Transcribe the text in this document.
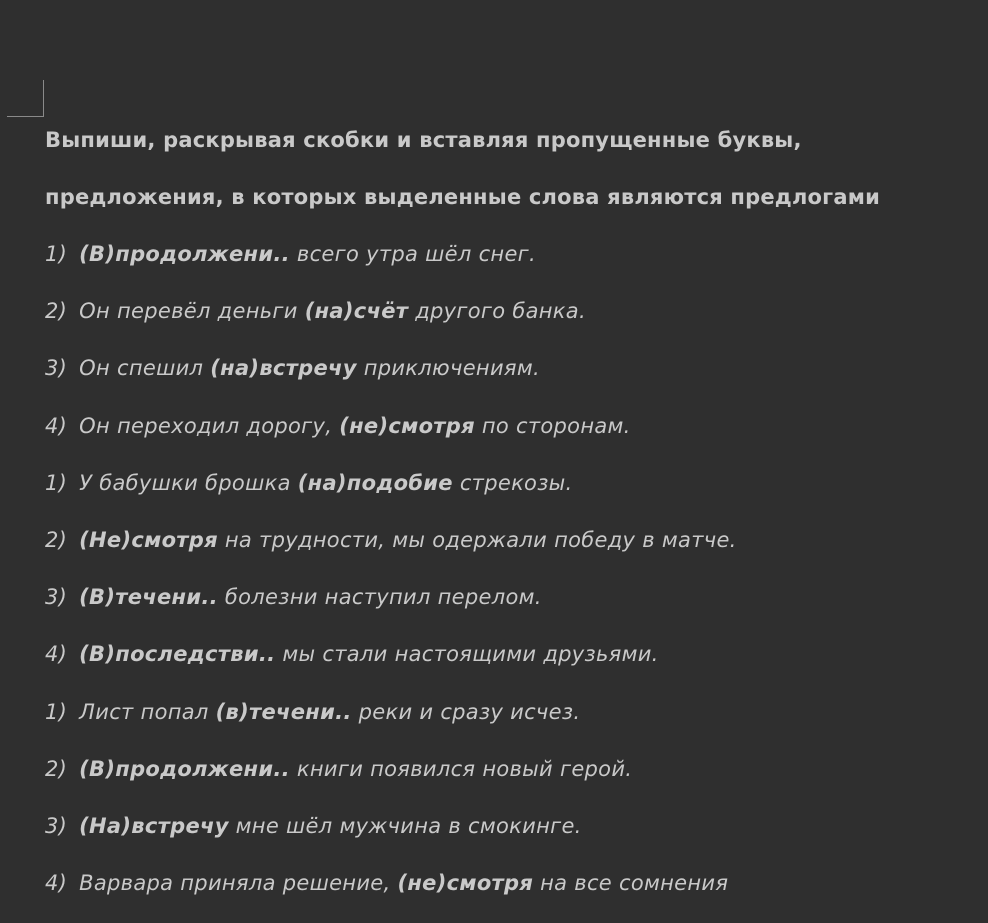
Выпиши, раскрывая скобки и вставляя пропущенные буквы,

предложения, в которых выделенные слова являются предлогами

1) (В)продолжени.. всего утра шёл снег.
2) Он перевёл деньги (на)счёт другого банка.
3) Он спешил (на)встречу приключениям.
4) Он переходил дорогу, (не)смотря по сторонам.
1) У бабушки брошка (на)подобие стрекозы.
2) (Не)смотря на трудности, мы одержали победу в матче.
3) (В)течени.. болезни наступил перелом.
4) (В)последстви.. мы стали настоящими друзьями.
1) Лист попал (в)течени.. реки и сразу исчез.
2) (В)продолжени.. книги появился новый герой.
3) (На)встречу мне шёл мужчина в смокинге.
4) Варвара приняла решение, (не)смотря на все сомнения
